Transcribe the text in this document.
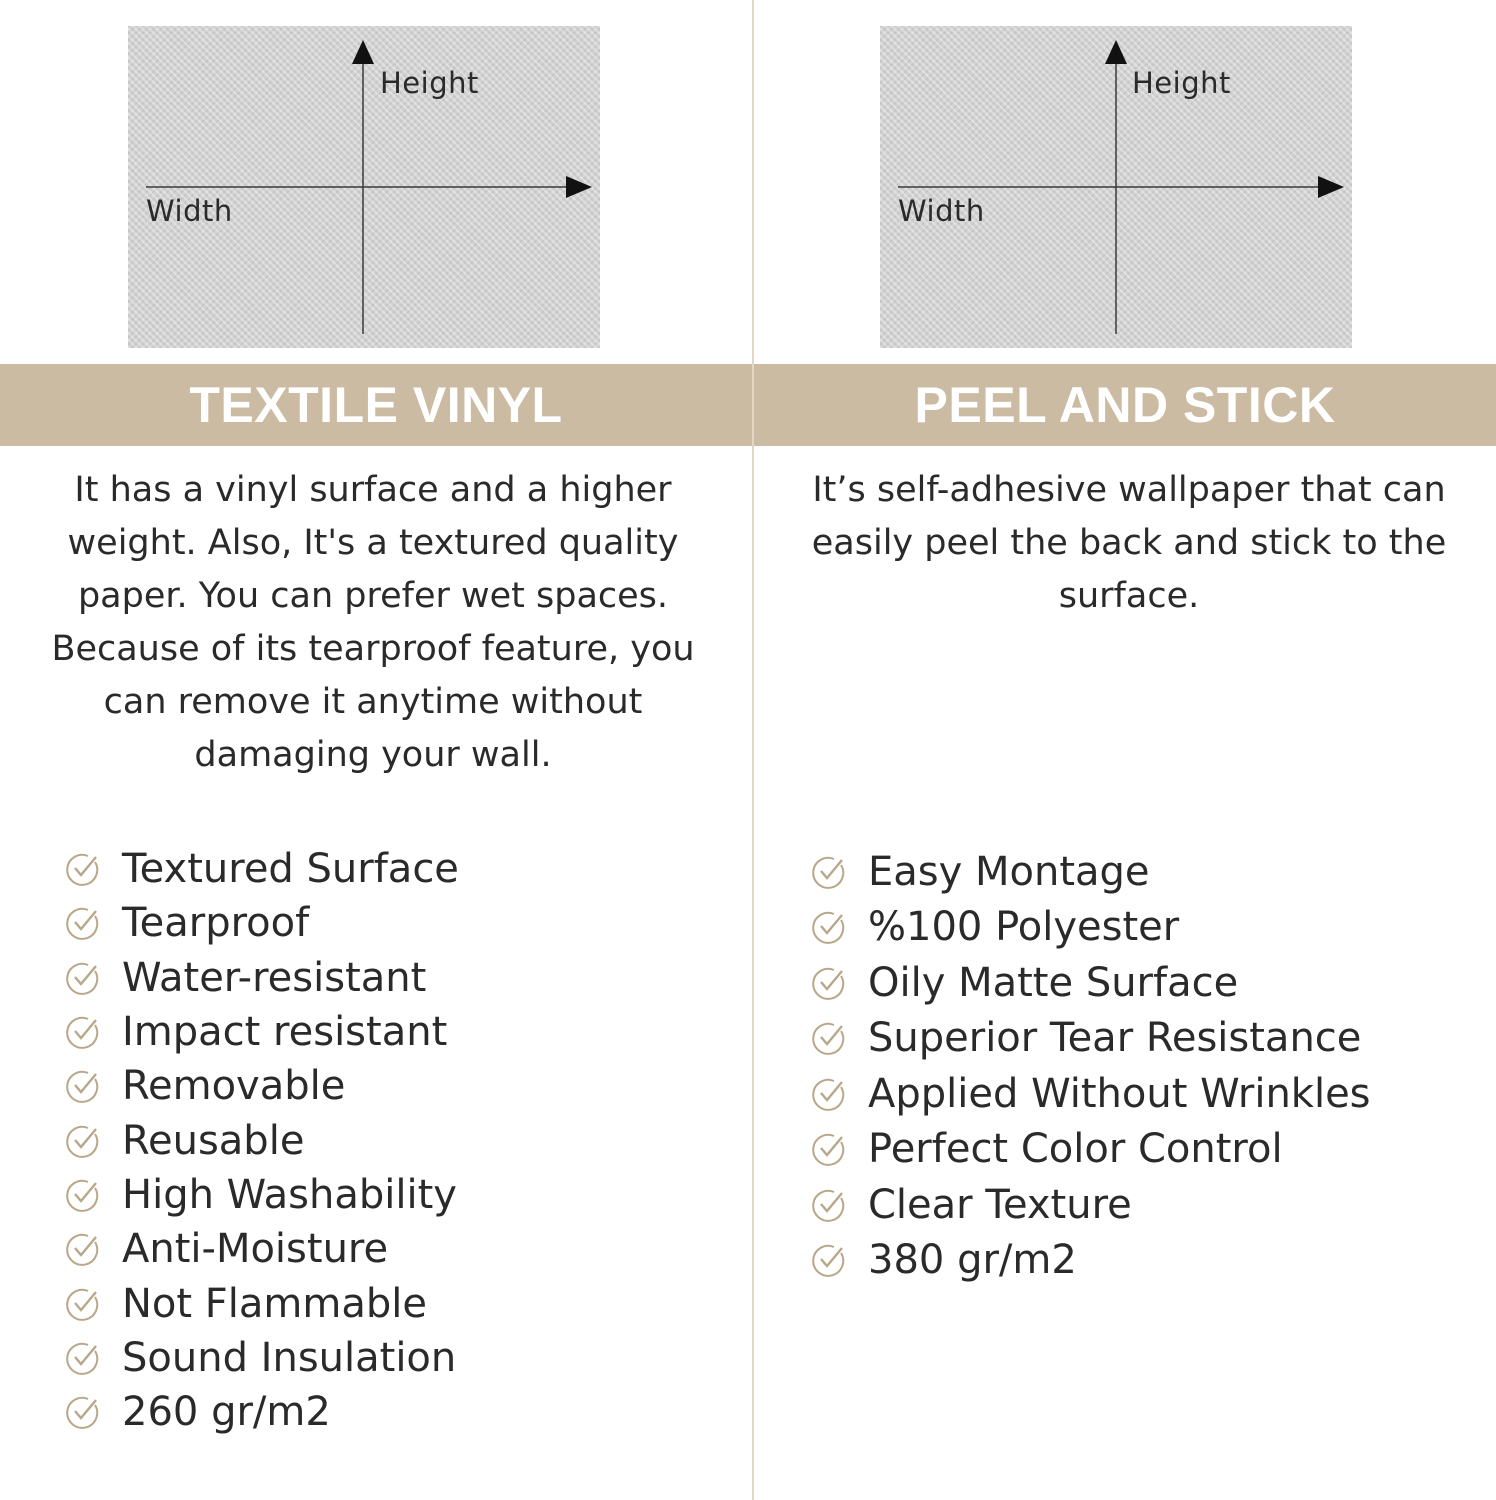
Height
Width
TEXTILE VINYL

It has a vinyl surface and a higher weight. Also, It's a textured quality paper. You can prefer wet spaces. Because of its tearproof feature, you can remove it anytime without damaging your wall.

Textured Surface
Tearproof
Water-resistant
Impact resistant
Removable
Reusable
High Washability
Anti-Moisture
Not Flammable
Sound Insulation
260 gr/m2
Height
Width
PEEL AND STICK

It’s self-adhesive wallpaper that can easily peel the back and stick to the surface.

Easy Montage
%100 Polyester
Oily Matte Surface
Superior Tear Resistance
Applied Without Wrinkles
Perfect Color Control
Clear Texture
380 gr/m2
